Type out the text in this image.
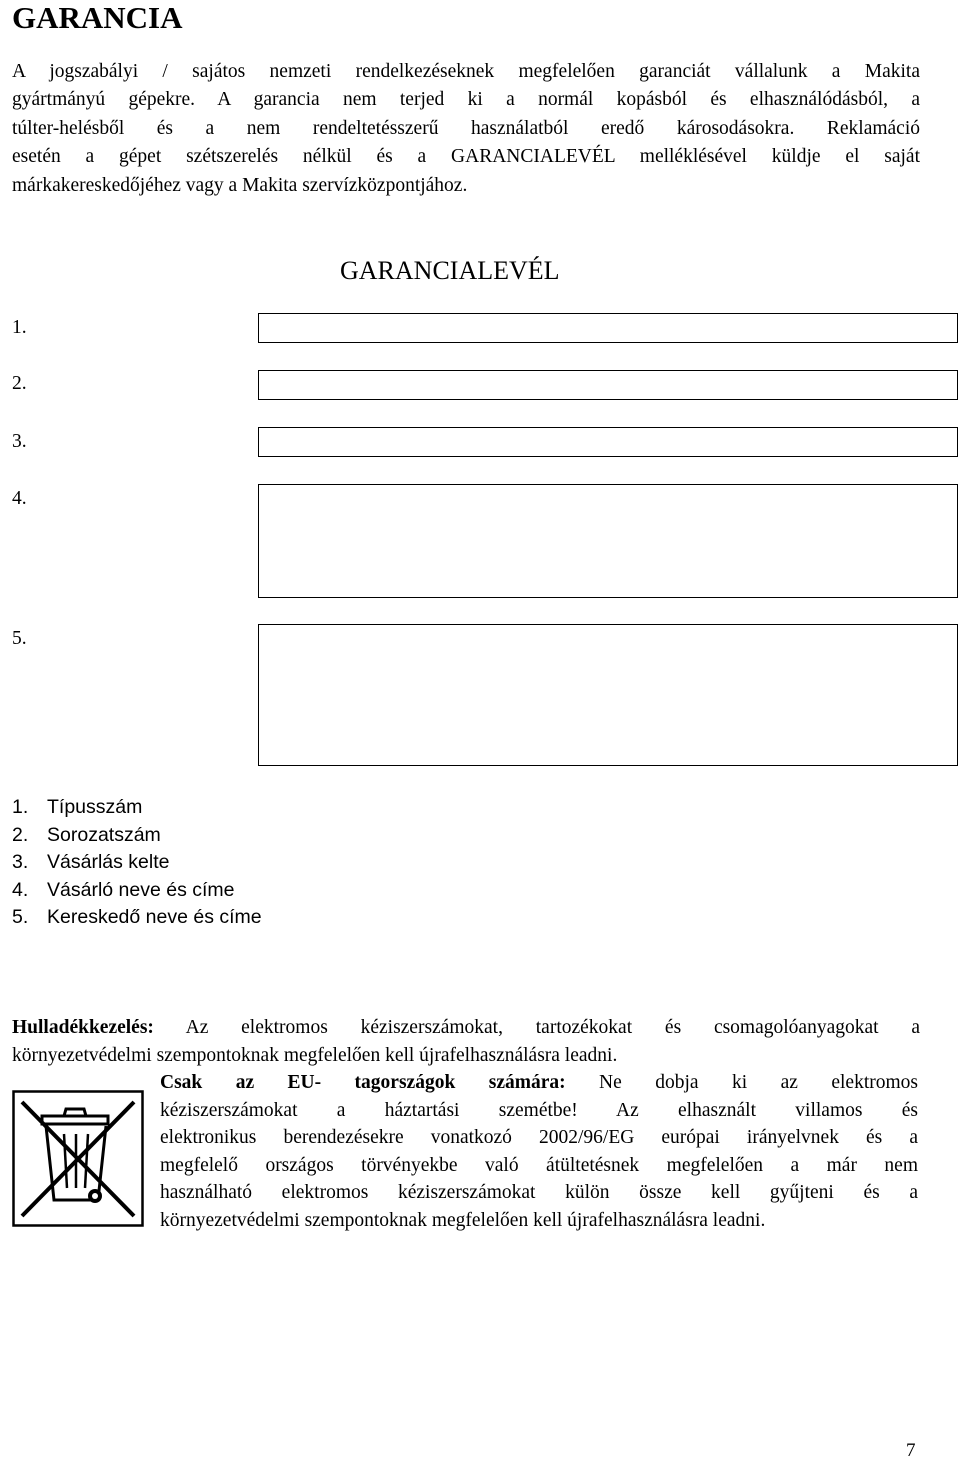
GARANCIA

A jogszabályi / sajátos nemzeti rendelkezéseknek megfelelően garanciát vállalunk a Makita
gyártmányú gépekre. A garancia nem terjed ki a normál kopásból és elhasználódásból, a
túlter-helésből és a nem rendeltetésszerű használatból eredő károsodásokra. Reklamáció
esetén a gépet szétszerelés nélkül és a GARANCIALEVÉL melléklésével küldje el saját
márkakereskedőjéhez vagy a Makita szervízközpontjához.

GARANCIALEVÉL
1.
2.
3.
4.
5.
1. Típusszám
2. Sorozatszám
3. Vásárlás kelte
4. Vásárló neve és címe
5. Kereskedő neve és címe

Hulladékkezelés: Az elektromos kéziszerszámokat, tartozékokat és csomagolóanyagokat a
környezetvédelmi szempontoknak megfelelően kell újrafelhasználásra leadni.

Csak az EU- tagországok számára: Ne dobja ki az elektromos
kéziszerszámokat a háztartási szemétbe! Az elhasznált villamos és
elektronikus berendezésekre vonatkozó 2002/96/EG európai irányelvnek és a
megfelelő országos törvényekbe való átültetésnek megfelelően a már nem
használható elektromos kéziszerszámokat külön össze kell gyűjteni és a
környezetvédelmi szempontoknak megfelelően kell újrafelhasználásra leadni.

7
